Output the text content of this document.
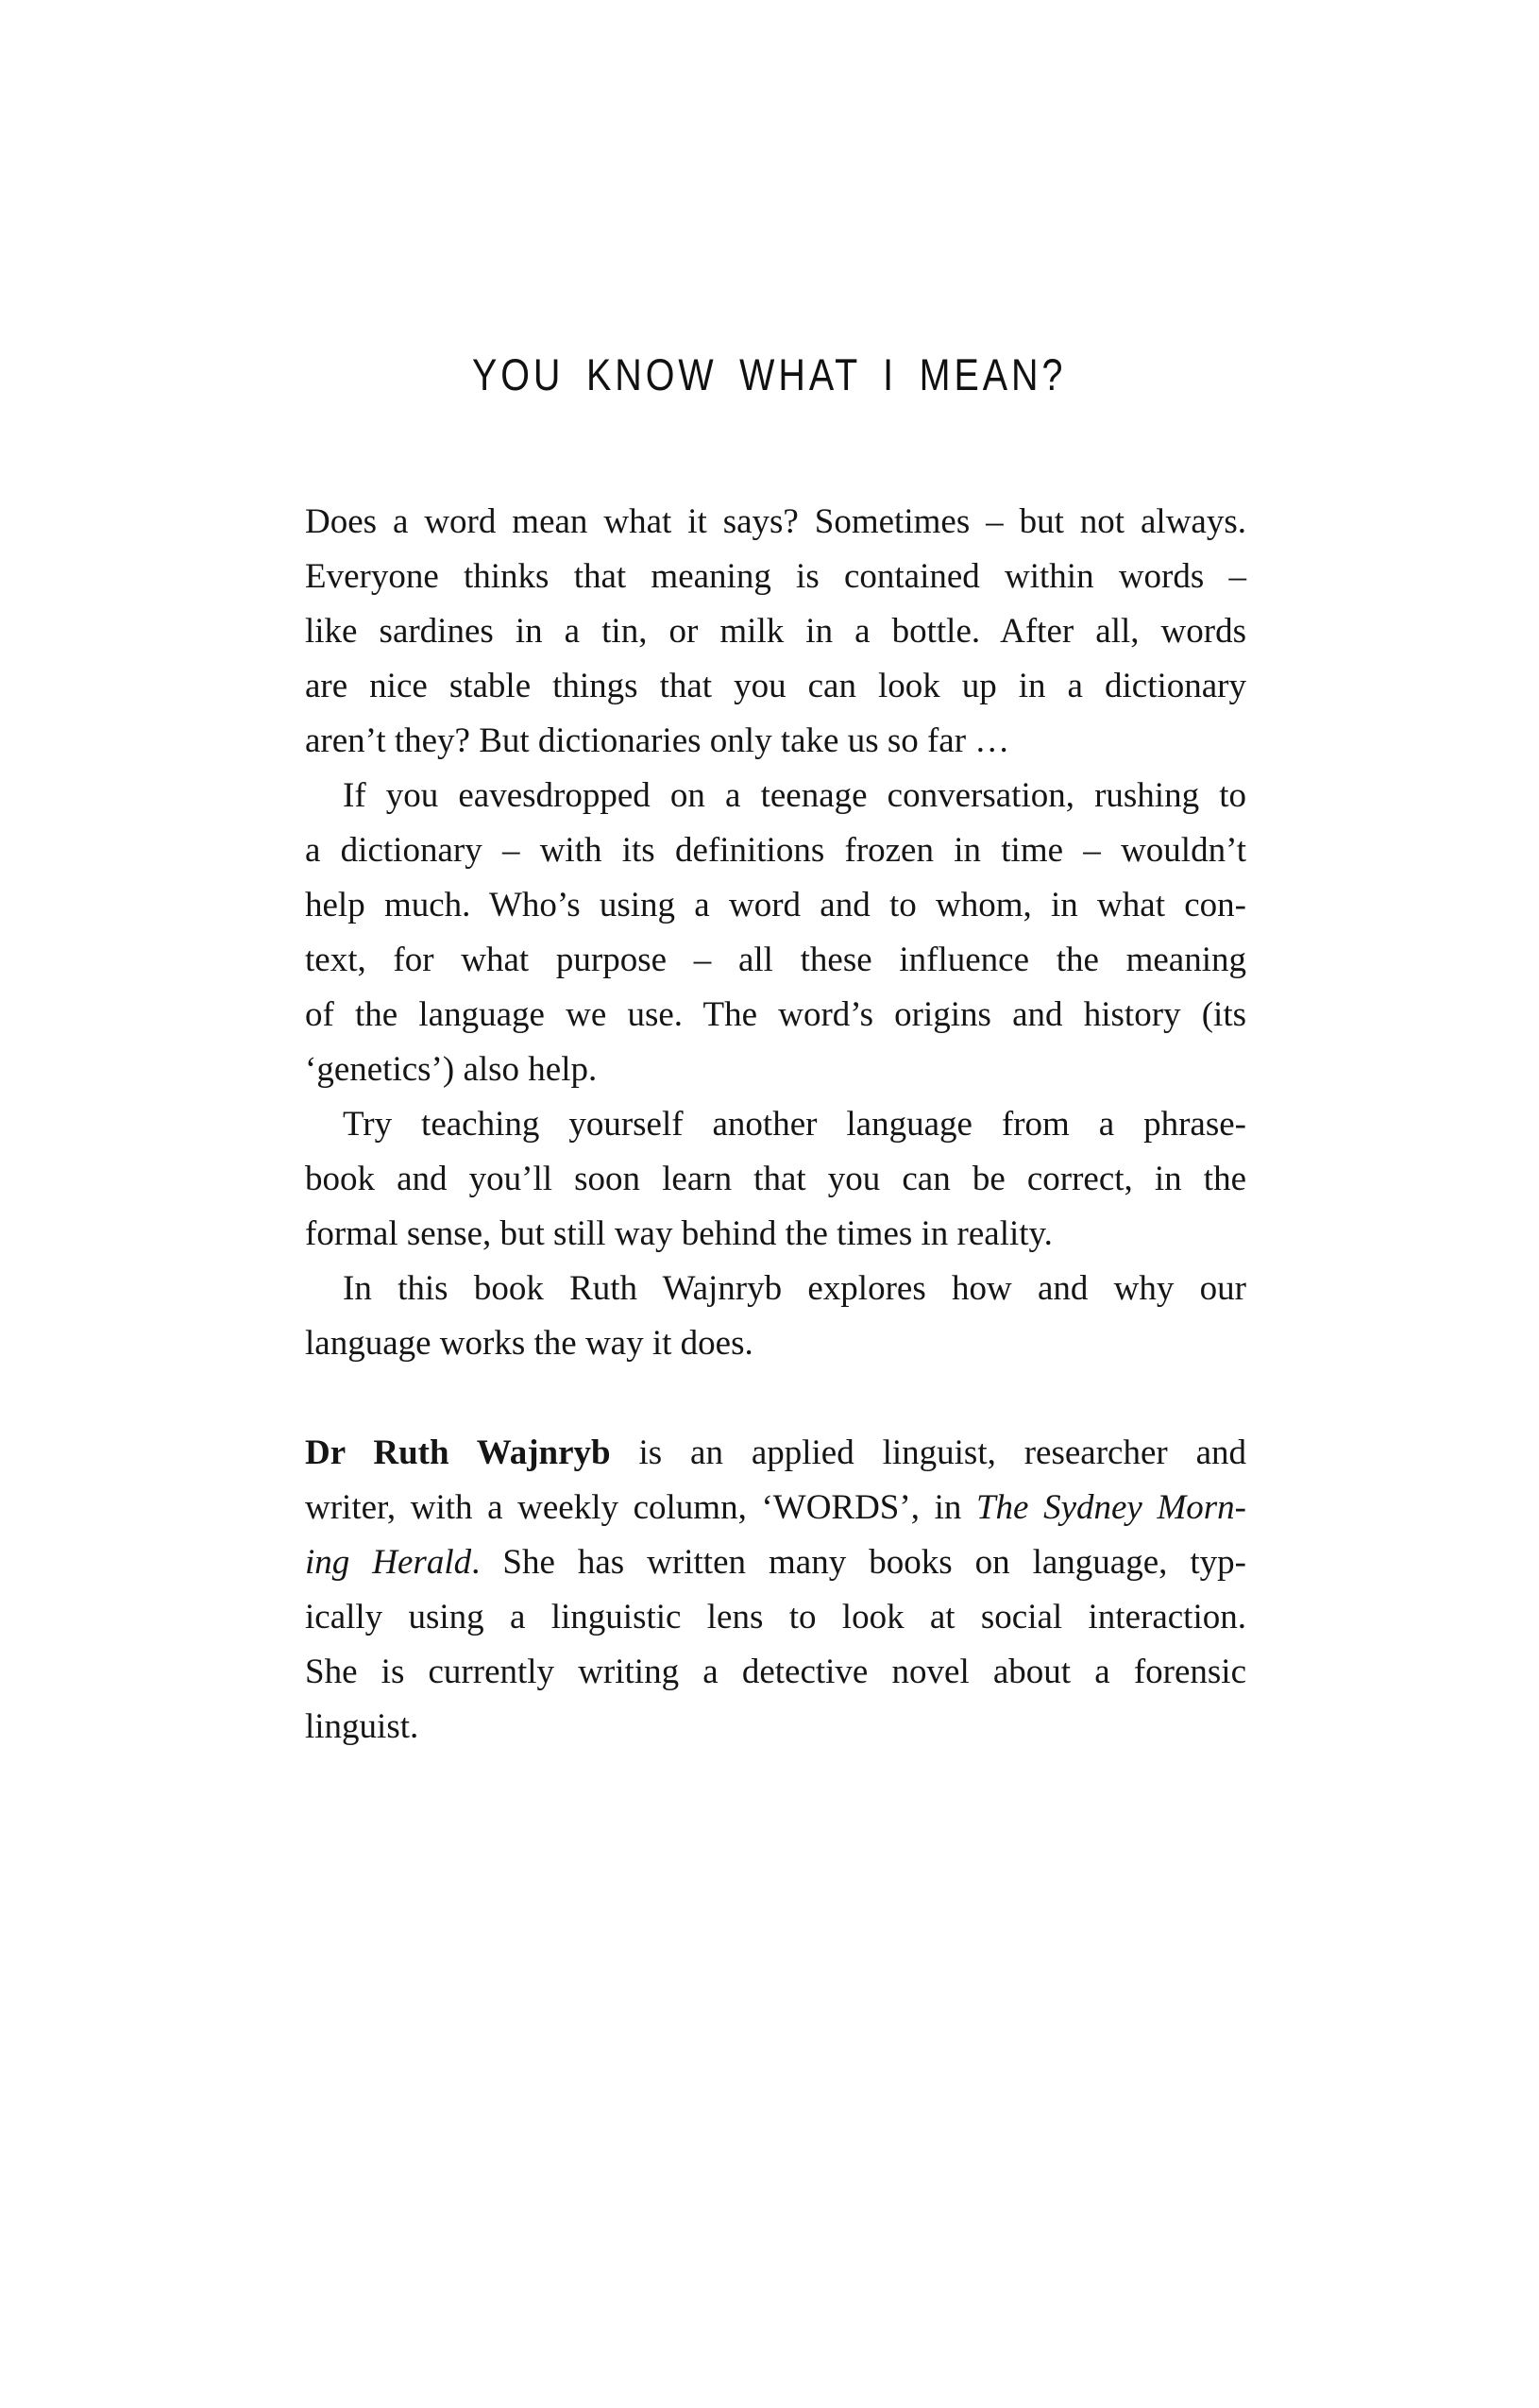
YOU KNOW WHAT I MEAN?
Does a word mean what it says? Sometimes – but not always.
Everyone thinks that meaning is contained within words –
like sardines in a tin, or milk in a bottle. After all, words
are nice stable things that you can look up in a dictionary
aren’t they? But dictionaries only take us so far …
If you eavesdropped on a teenage conversation, rushing to
a dictionary – with its definitions frozen in time – wouldn’t
help much. Who’s using a word and to whom, in what con-
text, for what purpose – all these influence the meaning
of the language we use. The word’s origins and history (its
‘genetics’) also help.
Try teaching yourself another language from a phrase-
book and you’ll soon learn that you can be correct, in the
formal sense, but still way behind the times in reality.
In this book Ruth Wajnryb explores how and why our
language works the way it does.
Dr Ruth Wajnryb is an applied linguist, researcher and
writer, with a weekly column, ‘WORDS’, in The Sydney Morn-
ing Herald. She has written many books on language, typ-
ically using a linguistic lens to look at social interaction.
She is currently writing a detective novel about a forensic
linguist.
